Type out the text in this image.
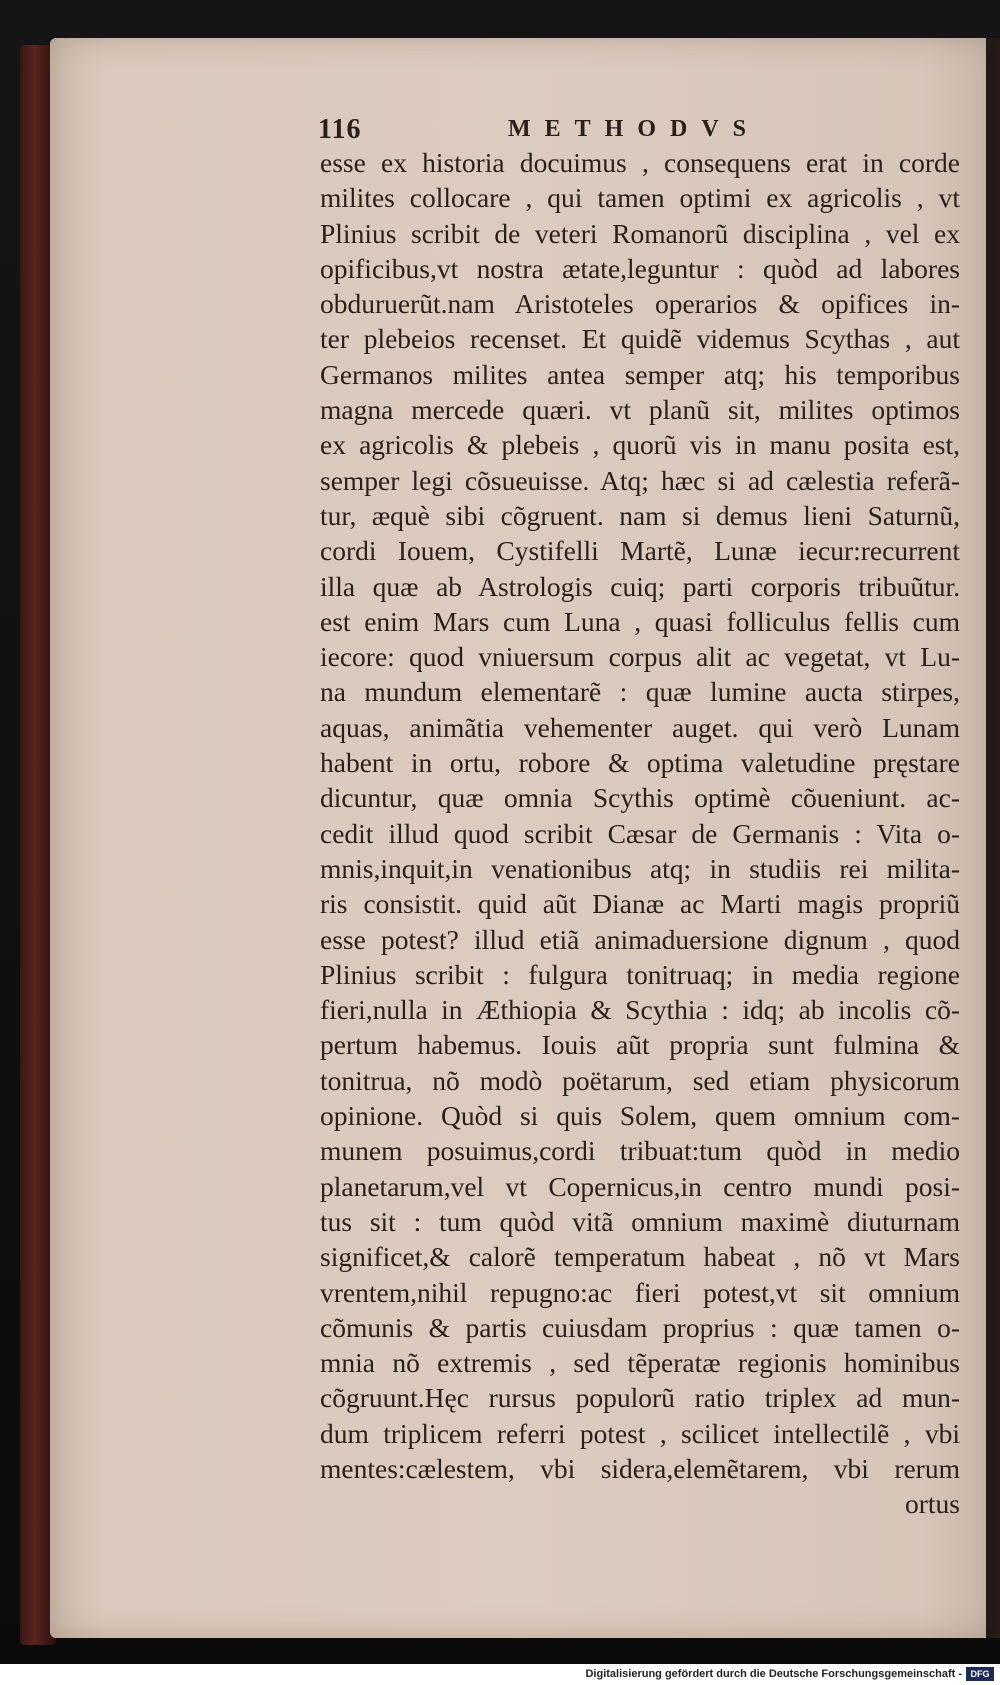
116	METHODVS
esse ex historia docuimus , consequens erat in corde
milites collocare , qui tamen optimi ex agricolis , vt
Plinius scribit de veteri Romanorũ disciplina , vel ex
opificibus,vt nostra ætate,leguntur : quòd ad labores
obduruerũt.nam Aristoteles operarios & opifices in-
ter plebeios recenset. Et quidẽ videmus Scythas , aut
Germanos milites antea semper atq; his temporibus
magna mercede quæri. vt planũ sit, milites optimos
ex agricolis & plebeis , quorũ vis in manu posita est,
semper legi cõsueuisse. Atq; hæc si ad cælestia referã-
tur, æquè sibi cõgruent. nam si demus lieni Saturnũ,
cordi Iouem, Cystifelli Martẽ, Lunæ iecur:recurrent
illa quæ ab Astrologis cuiq; parti corporis tribuũtur.
est enim Mars cum Luna , quasi folliculus fellis cum
iecore: quod vniuersum corpus alit ac vegetat, vt Lu-
na mundum elementarẽ : quæ lumine aucta stirpes,
aquas, animãtia vehementer auget. qui verò Lunam
habent in ortu, robore & optima valetudine pręstare
dicuntur, quæ omnia Scythis optimè cõueniunt. ac-
cedit illud quod scribit Cæsar de Germanis : Vita o-
mnis,inquit,in venationibus atq; in studiis rei milita-
ris consistit. quid aũt Dianæ ac Marti magis propriũ
esse potest? illud etiã animaduersione dignum , quod
Plinius scribit : fulgura tonitruaq; in media regione
fieri,nulla in Æthiopia & Scythia : idq; ab incolis cõ-
pertum habemus. Iouis aũt propria sunt fulmina &
tonitrua, nõ modò poëtarum, sed etiam physicorum
opinione. Quòd si quis Solem, quem omnium com-
munem posuimus,cordi tribuat:tum quòd in medio
planetarum,vel vt Copernicus,in centro mundi posi-
tus sit : tum quòd vitã omnium maximè diuturnam
significet,& calorẽ temperatum habeat , nõ vt Mars
vrentem,nihil repugno:ac fieri potest,vt sit omnium
cõmunis & partis cuiusdam proprius : quæ tamen o-
mnia nõ extremis , sed tẽperatæ regionis hominibus
cõgruunt.Hęc rursus populorũ ratio triplex ad mun-
dum triplicem referri potest , scilicet intellectilẽ , vbi
mentes:cælestem, vbi sidera,elemẽtarem, vbi rerum
ortus
Digitalisierung gefördert durch die Deutsche Forschungsgemeinschaft - DFG
